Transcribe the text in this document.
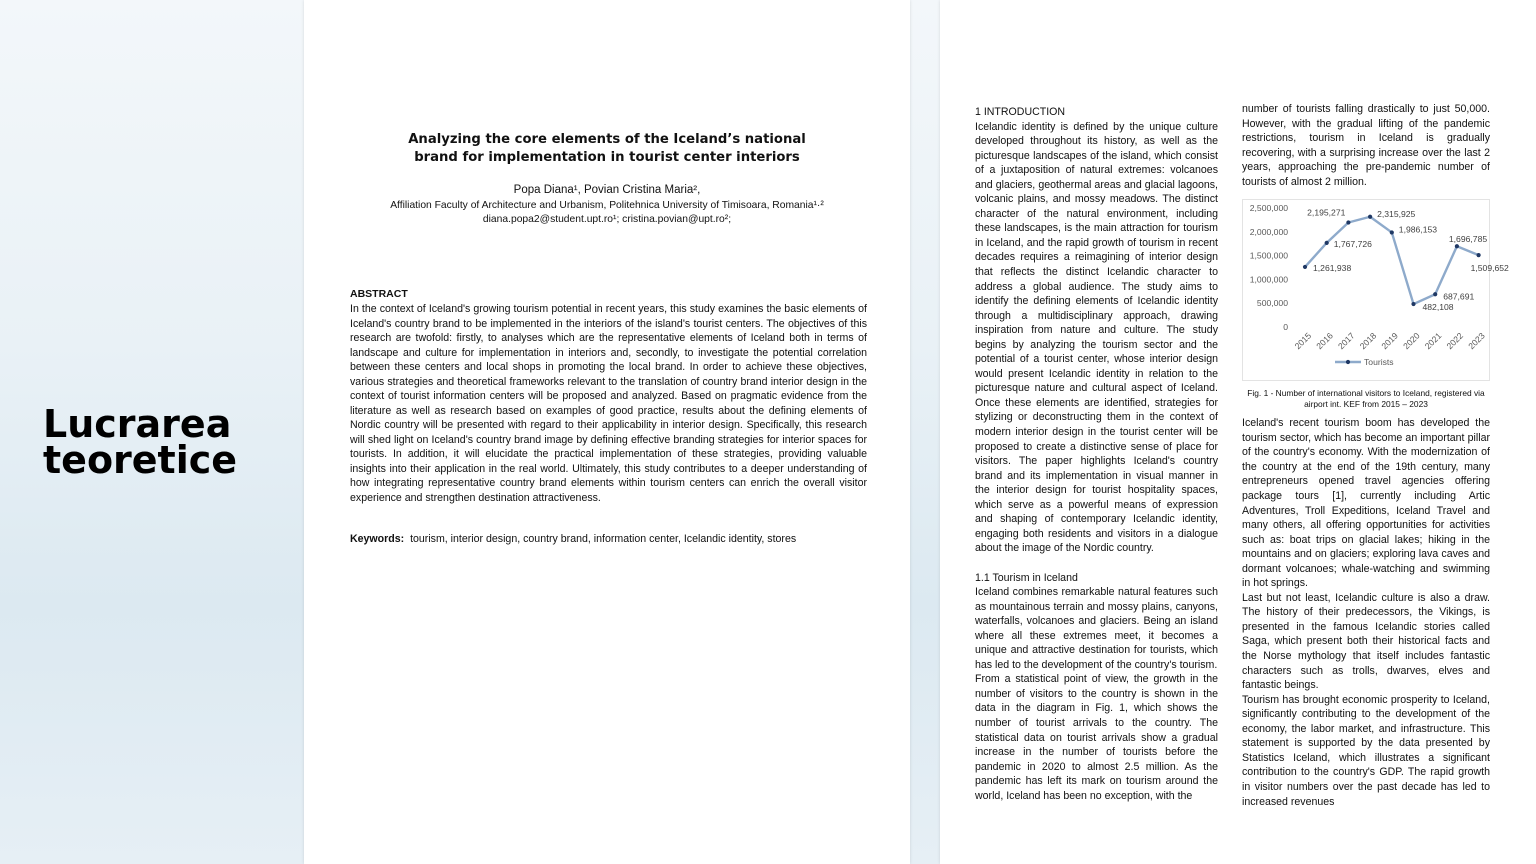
Lucrarea teoretice
Analyzing the core elements of the Iceland’s national
brand for implementation in tourist center interiors
Popa Diana¹, Povian Cristina Maria²,
Affiliation Faculty of Architecture and Urbanism, Politehnica University of Timisoara, Romania¹·²
diana.popa2@student.upt.ro¹; cristina.povian@upt.ro²;
ABSTRACT

In the context of Iceland's growing tourism potential in recent years, this study examines the basic elements of Iceland's country brand to be implemented in the interiors of the island's tourist centers. The objectives of this research are twofold: firstly, to analyses which are the representative elements of Iceland both in terms of landscape and culture for implementation in interiors and, secondly, to investigate the potential correlation between these centers and local shops in promoting the local brand. In order to achieve these objectives, various strategies and theoretical frameworks relevant to the translation of country brand interior design in the context of tourist information centers will be proposed and analyzed. Based on pragmatic evidence from the literature as well as research based on examples of good practice, results about the defining elements of Nordic country will be presented with regard to their applicability in interior design. Specifically, this research will shed light on Iceland's country brand image by defining effective branding strategies for interior spaces for tourists. In addition, it will elucidate the practical implementation of these strategies, providing valuable insights into their application in the real world. Ultimately, this study contributes to a deeper understanding of how integrating representative country brand elements within tourism centers can enrich the overall visitor experience and strengthen destination attractiveness.

Keywords: tourism, interior design, country brand, information center, Icelandic identity, stores

1 INTRODUCTION

Icelandic identity is defined by the unique culture developed throughout its history, as well as the picturesque landscapes of the island, which consist of a juxtaposition of natural extremes: volcanoes and glaciers, geothermal areas and glacial lagoons, volcanic plains, and mossy meadows. The distinct character of the natural environment, including these landscapes, is the main attraction for tourism in Iceland, and the rapid growth of tourism in recent decades requires a reimagining of interior design that reflects the distinct Icelandic character to address a global audience. The study aims to identify the defining elements of Icelandic identity through a multidisciplinary approach, drawing inspiration from nature and culture. The study begins by analyzing the tourism sector and the potential of a tourist center, whose interior design would present Icelandic identity in relation to the picturesque nature and cultural aspect of Iceland. Once these elements are identified, strategies for stylizing or deconstructing them in the context of modern interior design in the tourist center will be proposed to create a distinctive sense of place for visitors. The paper highlights Iceland's country brand and its implementation in visual manner in the interior design for tourist hospitality spaces, which serve as a powerful means of expression and shaping of contemporary Icelandic identity, engaging both residents and visitors in a dialogue about the image of the Nordic country.

1.1 Tourism in Iceland

Iceland combines remarkable natural features such as mountainous terrain and mossy plains, canyons, waterfalls, volcanoes and glaciers. Being an island where all these extremes meet, it becomes a unique and attractive destination for tourists, which has led to the development of the country's tourism.

From a statistical point of view, the growth in the number of visitors to the country is shown in the data in the diagram in Fig. 1, which shows the number of tourist arrivals to the country. The statistical data on tourist arrivals show a gradual increase in the number of tourists before the pandemic in 2020 to almost 2.5 million. As the pandemic has left its mark on tourism around the world, Iceland has been no exception, with the

number of tourists falling drastically to just 50,000. However, with the gradual lifting of the pandemic restrictions, tourism in Iceland is gradually recovering, with a surprising increase over the last 2 years, approaching the pre-pandemic number of tourists of almost 2 million.

0
500,000
1,000,000
1,500,000
2,000,000
2,500,000
2015 2016 2017 2018 2019 2020 2021 2022 2023
1,261,938
1,767,726
2,195,271	2,315,925
1,986,153
482,108
687,691
1,696,785
1,509,652
Tourists
Fig. 1 - Number of international visitors to Iceland, registered via airport int. KEF from 2015 – 2023

Iceland's recent tourism boom has developed the tourism sector, which has become an important pillar of the country's economy. With the modernization of the country at the end of the 19th century, many entrepreneurs opened travel agencies offering package tours [1], currently including Artic Adventures, Troll Expeditions, Iceland Travel and many others, all offering opportunities for activities such as: boat trips on glacial lakes; hiking in the mountains and on glaciers; exploring lava caves and dormant volcanoes; whale-watching and swimming in hot springs.

Last but not least, Icelandic culture is also a draw. The history of their predecessors, the Vikings, is presented in the famous Icelandic stories called Saga, which present both their historical facts and the Norse mythology that itself includes fantastic characters such as trolls, dwarves, elves and fantastic beings.

Tourism has brought economic prosperity to Iceland, significantly contributing to the development of the economy, the labor market, and infrastructure. This statement is supported by the data presented by Statistics Iceland, which illustrates a significant contribution to the country's GDP. The rapid growth in visitor numbers over the past decade has led to increased revenues
